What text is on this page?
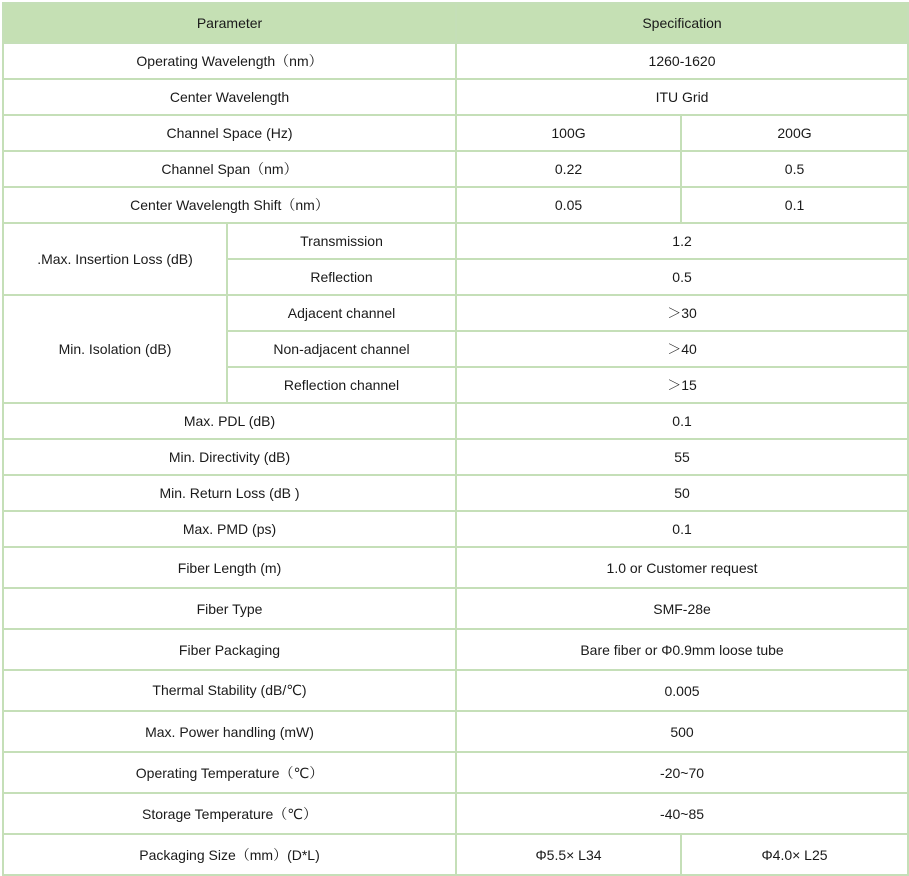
Parameter		Specification	
Operating Wavelength（nm）		1260-1620	
Center Wavelength		ITU Grid	
Channel Space (Hz)		100G	200G
Channel Span（nm）		0.22	0.5
Center Wavelength Shift（nm）		0.05	0.1
.Max. Insertion Loss (dB)	Transmission	1.2	
	Reflection	0.5	
Min. Isolation (dB)	Adjacent channel	＞30	
	Non-adjacent channel	＞40	
	Reflection channel	＞15	
Max. PDL (dB)		0.1	
Min. Directivity (dB)		55	
Min. Return Loss (dB )		50	
Max. PMD (ps)		0.1	
Fiber Length (m)		1.0 or Customer request	
Fiber Type		SMF-28e	
Fiber Packaging		Bare fiber or Φ0.9mm loose tube	
Thermal Stability (dB/℃)		0.005	
Max. Power handling (mW)		500	
Operating Temperature（℃）		-20~70	
Storage Temperature（℃）		-40~85	
Packaging Size（mm）(D*L)		Φ5.5× L34	Φ4.0× L25
